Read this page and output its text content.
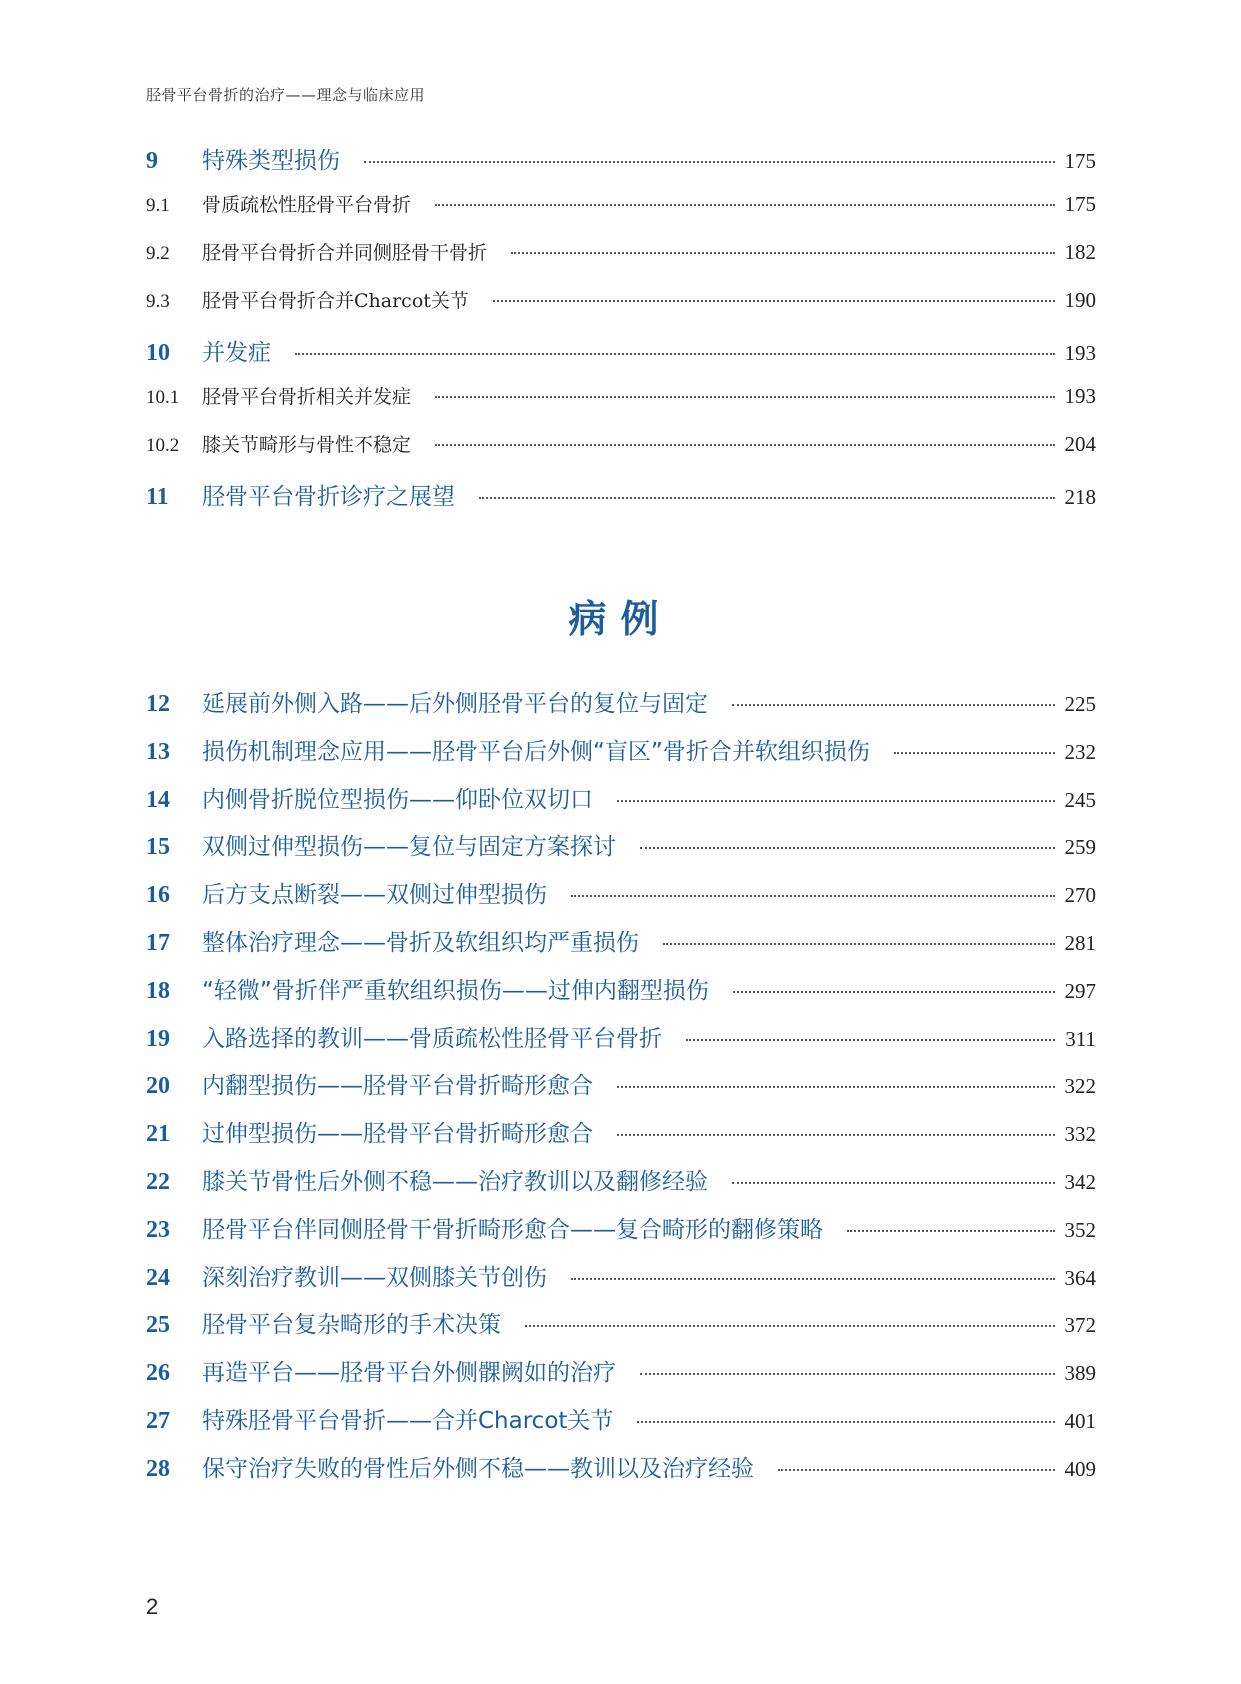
胫骨平台骨折的治疗——理念与临床应用
9	特殊类型损伤	175
9.1	骨质疏松性胫骨平台骨折	175
9.2	胫骨平台骨折合并同侧胫骨干骨折	182
9.3	胫骨平台骨折合并Charcot关节	190
10	并发症	193
10.1	胫骨平台骨折相关并发症	193
10.2	膝关节畸形与骨性不稳定	204
11	胫骨平台骨折诊疗之展望	218
病例
12	延展前外侧入路——后外侧胫骨平台的复位与固定	225
13	损伤机制理念应用——胫骨平台后外侧“盲区”骨折合并软组织损伤	232
14	内侧骨折脱位型损伤——仰卧位双切口	245
15	双侧过伸型损伤——复位与固定方案探讨	259
16	后方支点断裂——双侧过伸型损伤	270
17	整体治疗理念——骨折及软组织均严重损伤	281
18	“轻微”骨折伴严重软组织损伤——过伸内翻型损伤	297
19	入路选择的教训——骨质疏松性胫骨平台骨折	311
20	内翻型损伤——胫骨平台骨折畸形愈合	322
21	过伸型损伤——胫骨平台骨折畸形愈合	332
22	膝关节骨性后外侧不稳——治疗教训以及翻修经验	342
23	胫骨平台伴同侧胫骨干骨折畸形愈合——复合畸形的翻修策略	352
24	深刻治疗教训——双侧膝关节创伤	364
25	胫骨平台复杂畸形的手术决策	372
26	再造平台——胫骨平台外侧髁阙如的治疗	389
27	特殊胫骨平台骨折——合并Charcot关节	401
28	保守治疗失败的骨性后外侧不稳——教训以及治疗经验	409
2
